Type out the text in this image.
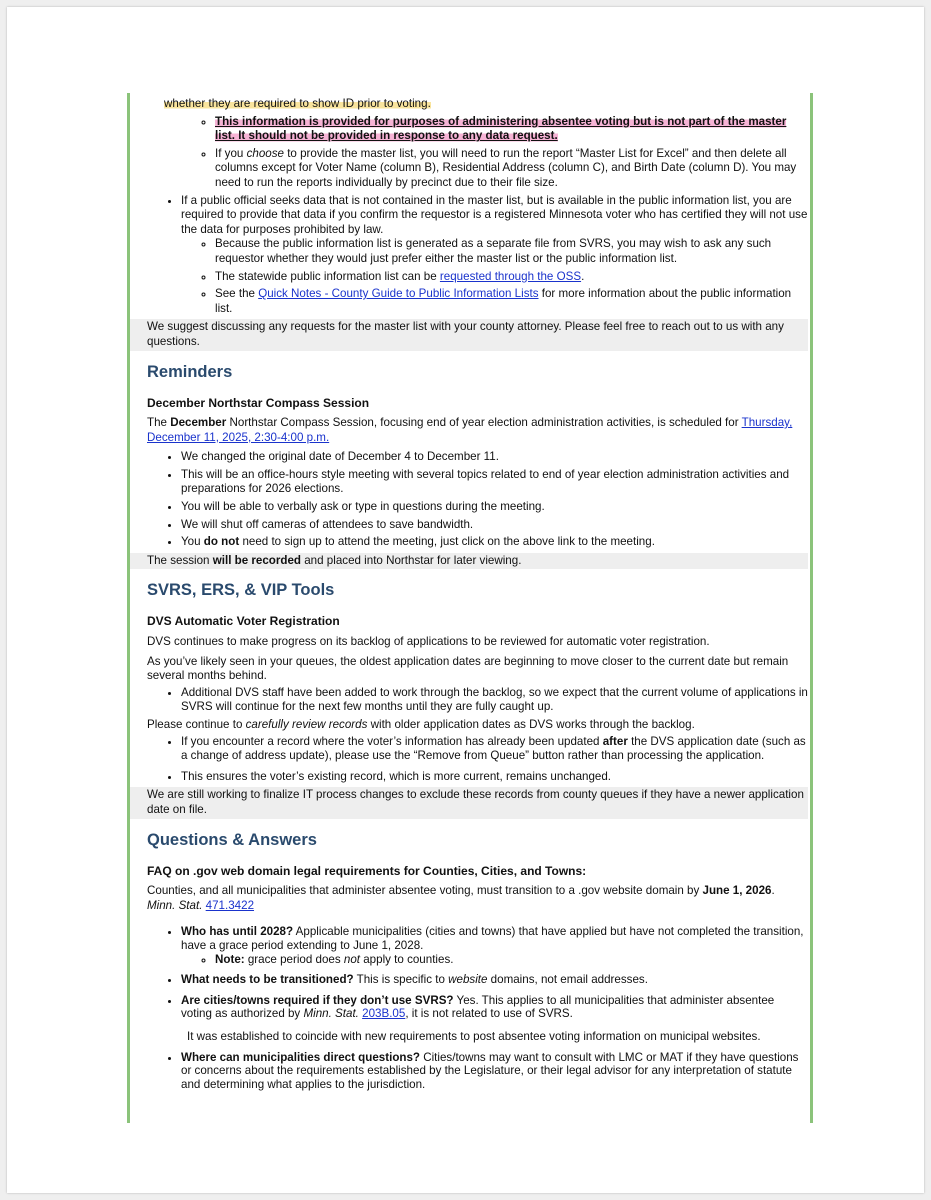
whether they are required to show ID prior to voting.
◦ This information is provided for purposes of administering absentee voting but is not part of the master list. It should not be provided in response to any data request.
◦ If you choose to provide the master list, you will need to run the report “Master List for Excel” and then delete all columns except for Voter Name (column B), Residential Address (column C), and Birth Date (column D). You may need to run the reports individually by precinct due to their file size.
• If a public official seeks data that is not contained in the master list, but is available in the public information list, you are required to provide that data if you confirm the requestor is a registered Minnesota voter who has certified they will not use the data for purposes prohibited by law.
◦ Because the public information list is generated as a separate file from SVRS, you may wish to ask any such requestor whether they would just prefer either the master list or the public information list.
◦ The statewide public information list can be requested through the OSS.
◦ See the Quick Notes - County Guide to Public Information Lists for more information about the public information list.

We suggest discussing any requests for the master list with your county attorney. Please feel free to reach out to us with any questions.

Reminders
December Northstar Compass Session

The December Northstar Compass Session, focusing end of year election administration activities, is scheduled for Thursday, December 11, 2025, 2:30-4:00 p.m.

• We changed the original date of December 4 to December 11.
• This will be an office-hours style meeting with several topics related to end of year election administration activities and preparations for 2026 elections.
• You will be able to verbally ask or type in questions during the meeting.
• We will shut off cameras of attendees to save bandwidth.
• You do not need to sign up to attend the meeting, just click on the above link to the meeting.

The session will be recorded and placed into Northstar for later viewing.

SVRS, ERS, & VIP Tools
DVS Automatic Voter Registration

DVS continues to make progress on its backlog of applications to be reviewed for automatic voter registration.

As you’ve likely seen in your queues, the oldest application dates are beginning to move closer to the current date but remain several months behind.

• Additional DVS staff have been added to work through the backlog, so we expect that the current volume of applications in SVRS will continue for the next few months until they are fully caught up.

Please continue to carefully review records with older application dates as DVS works through the backlog.

• If you encounter a record where the voter’s information has already been updated after the DVS application date (such as a change of address update), please use the “Remove from Queue” button rather than processing the application.
• This ensures the voter’s existing record, which is more current, remains unchanged.

We are still working to finalize IT process changes to exclude these records from county queues if they have a newer application date on file.

Questions & Answers
FAQ on .gov web domain legal requirements for Counties, Cities, and Towns:

Counties, and all municipalities that administer absentee voting, must transition to a .gov website domain by June 1, 2026.
Minn. Stat. 471.3422

• Who has until 2028? Applicable municipalities (cities and towns) that have applied but have not completed the transition, have a grace period extending to June 1, 2028.
◦ Note: grace period does not apply to counties.
• What needs to be transitioned? This is specific to website domains, not email addresses.
• Are cities/towns required if they don’t use SVRS? Yes. This applies to all municipalities that administer absentee voting as authorized by Minn. Stat. 203B.05, it is not related to use of SVRS.
It was established to coincide with new requirements to post absentee voting information on municipal websites.
• Where can municipalities direct questions? Cities/towns may want to consult with LMC or MAT if they have questions or concerns about the requirements established by the Legislature, or their legal advisor for any interpretation of statute and determining what applies to the jurisdiction.
